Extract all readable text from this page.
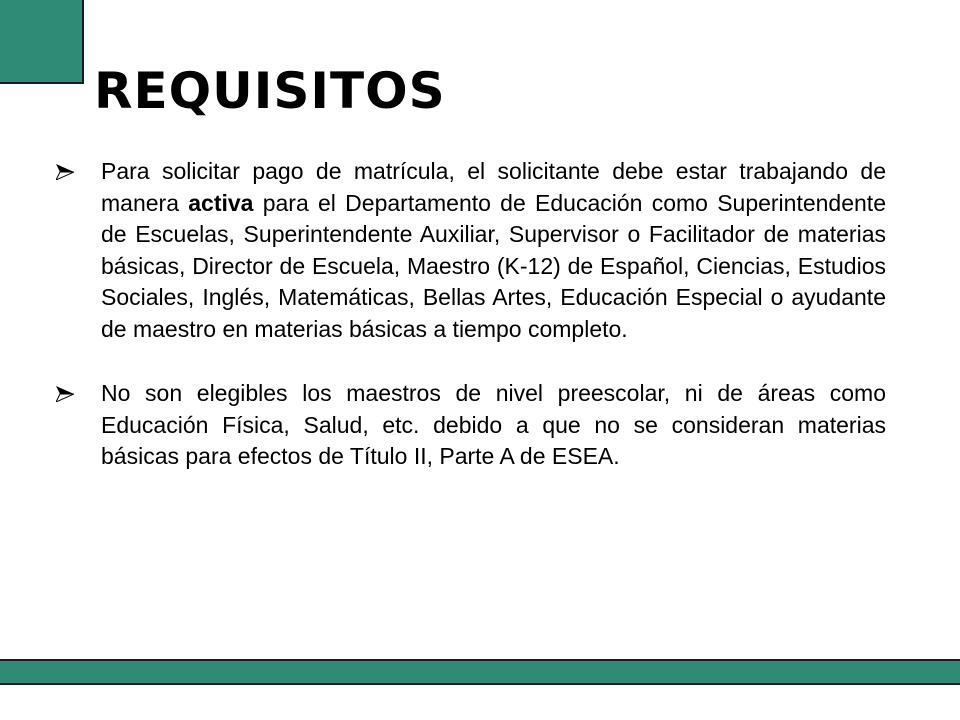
REQUISITOS
Para solicitar pago de matrícula, el solicitante debe estar trabajando de manera activa para el Departamento de Educación como Superintendente de Escuelas, Superintendente Auxiliar, Supervisor o Facilitador de materias básicas, Director de Escuela, Maestro (K-12) de Español, Ciencias, Estudios Sociales, Inglés, Matemáticas, Bellas Artes, Educación Especial o ayudante de maestro en materias básicas a tiempo completo.
No son elegibles los maestros de nivel preescolar, ni de áreas como Educación Física, Salud, etc. debido a que no se consideran materias básicas para efectos de Título II, Parte A de ESEA.
